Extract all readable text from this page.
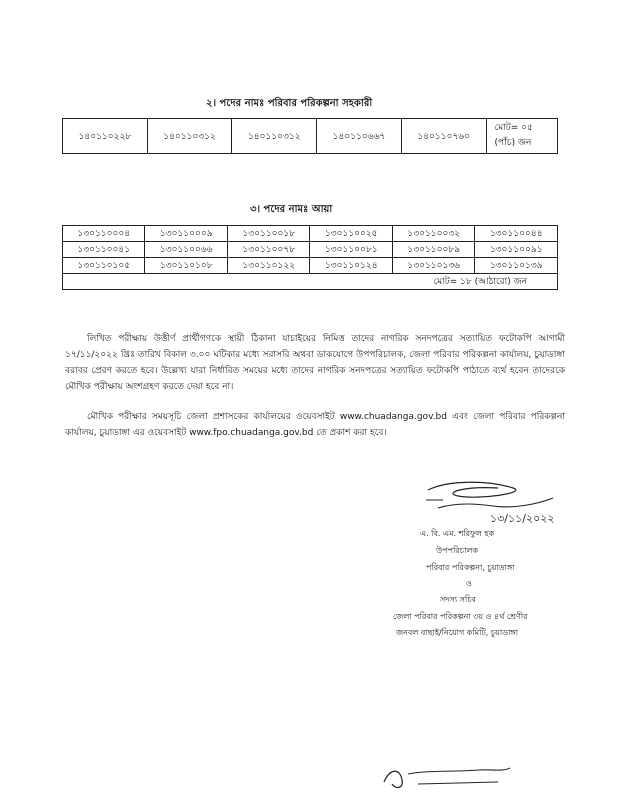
২। পদের নামঃ পরিবার পরিকল্পনা সহকারী
১৪০১১০২২৮	১৪০১১০৩১২	১৪০১১০৩১২	১৪০১১০৬৬৭	১৪০১১০৭৬০	
মোট= ০৫
(পাঁচ) জন
৩। পদের নামঃ আয়া
১৩০১১০০০৪	১৩০১১০০০৯	১৩০১১০০১৮	১৩০১১০০২৫	১৩০১১০০৩২	১৩০১১০০৪৪
১৩০১১০০৪১	১৩০১১০০৬৬	১৩০১১০০৭৮	১৩০১১০০৮১	১৩০১১০০৮৯	১৩০১১০০৯১
১৩০১১০১০৫	১৩০১১০১০৮	১৩০১১০১২২	১৩০১১০১২৪	১৩০১১০১৩৬	১৩০১১০১৩৯
মোট= ১৮ (আঠারো) জন					

লিখিত পরীক্ষায় উত্তীর্ণ প্রার্থীগণকে স্থায়ী ঠিকানা যাচাইয়ের নিমিত্ত তাদের নাগরিক সনদপত্রের সত্যায়িত ফটোকপি আগামী ১৭/১১/২০২২ খ্রিঃ তারিখ বিকাল ৩.০০ ঘটিকার মধ্যে সরাসরি অথবা ডাকযোগে উপপরিচালক, জেলা পরিবার পরিকল্পনা কার্যালয়, চুয়াডাঙ্গা বরাবর প্রেরণ করতে হবে। উল্লেখ্য যারা নির্ধারিত সময়ের মধ্যে তাদের নাগরিক সনদপত্রের সত্যায়িত ফটোকপি পাঠাতে ব্যর্থ হবেন তাদেরকে মৌখিক পরীক্ষায় অংশগ্রহণ করতে দেয়া হবে না।

মৌখিক পরীক্ষার সময়সূচি জেলা প্রশাসকের কার্যালয়ের ওয়েবসাইট www.chuadanga.gov.bd এবং জেলা পরিবার পরিকল্পনা কার্যালয়, চুয়াডাঙ্গা এর ওয়েবসাইট www.fpo.chuadanga.gov.bd তে প্রকাশ করা হবে।

১৩/১১/২০২২
এ. বি. এম. শরিফুল হক
উপপরিচালক
পরিবার পরিকল্পনা, চুয়াডাঙ্গা
ও
সদস্য সচিব
জেলা পরিবার পরিকল্পনা ৩য় ও ৪র্থ শ্রেণীর
জনবল বাছাই/নিয়োগ কমিটি, চুয়াডাঙ্গা
